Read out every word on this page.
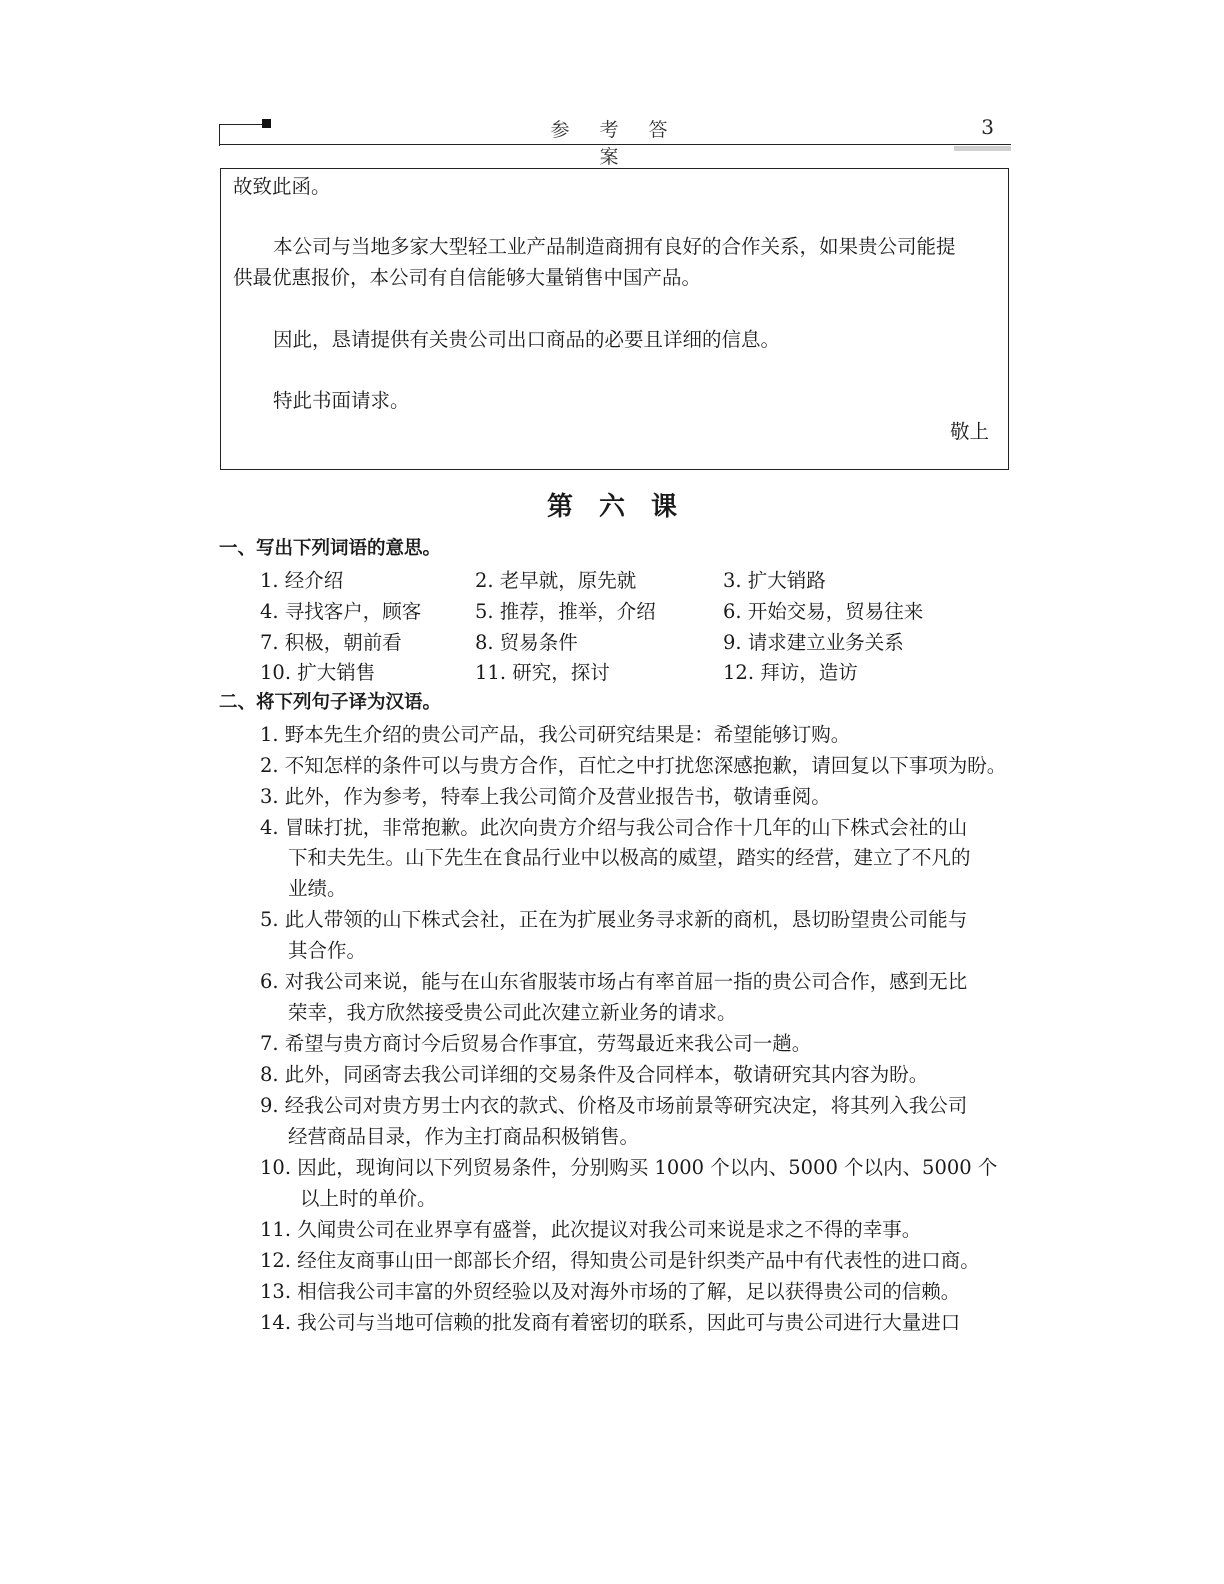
参 考 答 案
3
故致此函。
本公司与当地多家大型轻工业产品制造商拥有良好的合作关系，如果贵公司能提
供最优惠报价，本公司有自信能够大量销售中国产品。
因此，恳请提供有关贵公司出口商品的必要且详细的信息。
特此书面请求。
敬上
第六课
一、写出下列词语的意思。
1. 经介绍	2. 老早就，原先就	3. 扩大销路
4. 寻找客户，顾客	5. 推荐，推举，介绍	6. 开始交易，贸易往来
7. 积极，朝前看	8. 贸易条件	9. 请求建立业务关系
10. 扩大销售	11. 研究，探讨	12. 拜访，造访
二、将下列句子译为汉语。
1. 野本先生介绍的贵公司产品，我公司研究结果是：希望能够订购。
2. 不知怎样的条件可以与贵方合作，百忙之中打扰您深感抱歉，请回复以下事项为盼。
3. 此外，作为参考，特奉上我公司简介及营业报告书，敬请垂阅。
4. 冒昧打扰，非常抱歉。此次向贵方介绍与我公司合作十几年的山下株式会社的山
下和夫先生。山下先生在食品行业中以极高的威望，踏实的经营，建立了不凡的
业绩。
5. 此人带领的山下株式会社，正在为扩展业务寻求新的商机，恳切盼望贵公司能与
其合作。
6. 对我公司来说，能与在山东省服装市场占有率首屈一指的贵公司合作，感到无比
荣幸，我方欣然接受贵公司此次建立新业务的请求。
7. 希望与贵方商讨今后贸易合作事宜，劳驾最近来我公司一趟。
8. 此外，同函寄去我公司详细的交易条件及合同样本，敬请研究其内容为盼。
9. 经我公司对贵方男士内衣的款式、价格及市场前景等研究决定，将其列入我公司
经营商品目录，作为主打商品积极销售。
10. 因此，现询问以下列贸易条件，分别购买 1000 个以内、5000 个以内、5000 个
以上时的单价。
11. 久闻贵公司在业界享有盛誉，此次提议对我公司来说是求之不得的幸事。
12. 经住友商事山田一郎部长介绍，得知贵公司是针织类产品中有代表性的进口商。
13. 相信我公司丰富的外贸经验以及对海外市场的了解，足以获得贵公司的信赖。
14. 我公司与当地可信赖的批发商有着密切的联系，因此可与贵公司进行大量进口
